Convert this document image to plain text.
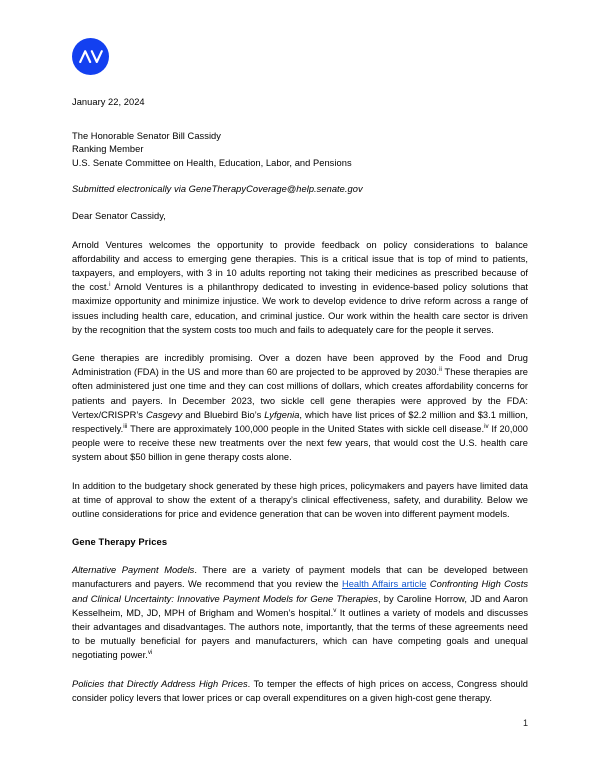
January 22, 2024
The Honorable Senator Bill Cassidy
Ranking Member
U.S. Senate Committee on Health, Education, Labor, and Pensions
Submitted electronically via GeneTherapyCoverage@help.senate.gov
Dear Senator Cassidy,

Arnold Ventures welcomes the opportunity to provide feedback on policy considerations to balance affordability and access to emerging gene therapies. This is a critical issue that is top of mind to patients, taxpayers, and employers, with 3 in 10 adults reporting not taking their medicines as prescribed because of the cost.$^i$ Arnold Ventures is a philanthropy dedicated to investing in evidence-based policy solutions that maximize opportunity and minimize injustice. We work to develop evidence to drive reform across a range of issues including health care, education, and criminal justice. Our work within the health care sector is driven by the recognition that the system costs too much and fails to adequately care for the people it serves.

Gene therapies are incredibly promising. Over a dozen have been approved by the Food and Drug Administration (FDA) in the US and more than 60 are projected to be approved by 2030.$^{ii}$ These therapies are often administered just one time and they can cost millions of dollars, which creates affordability concerns for patients and payers. In December 2023, two sickle cell gene therapies were approved by the FDA: Vertex/CRISPR’s Casgevy and Bluebird Bio’s Lyfgenia, which have list prices of $2.2 million and $3.1 million, respectively.$^{iii}$ There are approximately 100,000 people in the United States with sickle cell disease.$^{iv}$ If 20,000 people were to receive these new treatments over the next few years, that would cost the U.S. health care system about $50 billion in gene therapy costs alone.

In addition to the budgetary shock generated by these high prices, policymakers and payers have limited data at time of approval to show the extent of a therapy’s clinical effectiveness, safety, and durability. Below we outline considerations for price and evidence generation that can be woven into different payment models.

Gene Therapy Prices

Alternative Payment Models. There are a variety of payment models that can be developed between manufacturers and payers. We recommend that you review the Health Affairs article Confronting High Costs and Clinical Uncertainty: Innovative Payment Models for Gene Therapies, by Caroline Horrow, JD and Aaron Kesselheim, MD, JD, MPH of Brigham and Women’s hospital.$^v$ It outlines a variety of models and discusses their advantages and disadvantages. The authors note, importantly, that the terms of these agreements need to be mutually beneficial for payers and manufacturers, which can have competing goals and unequal negotiating power.$^{vi}$

Policies that Directly Address High Prices. To temper the effects of high prices on access, Congress should consider policy levers that lower prices or cap overall expenditures on a given high-cost gene therapy.

1
